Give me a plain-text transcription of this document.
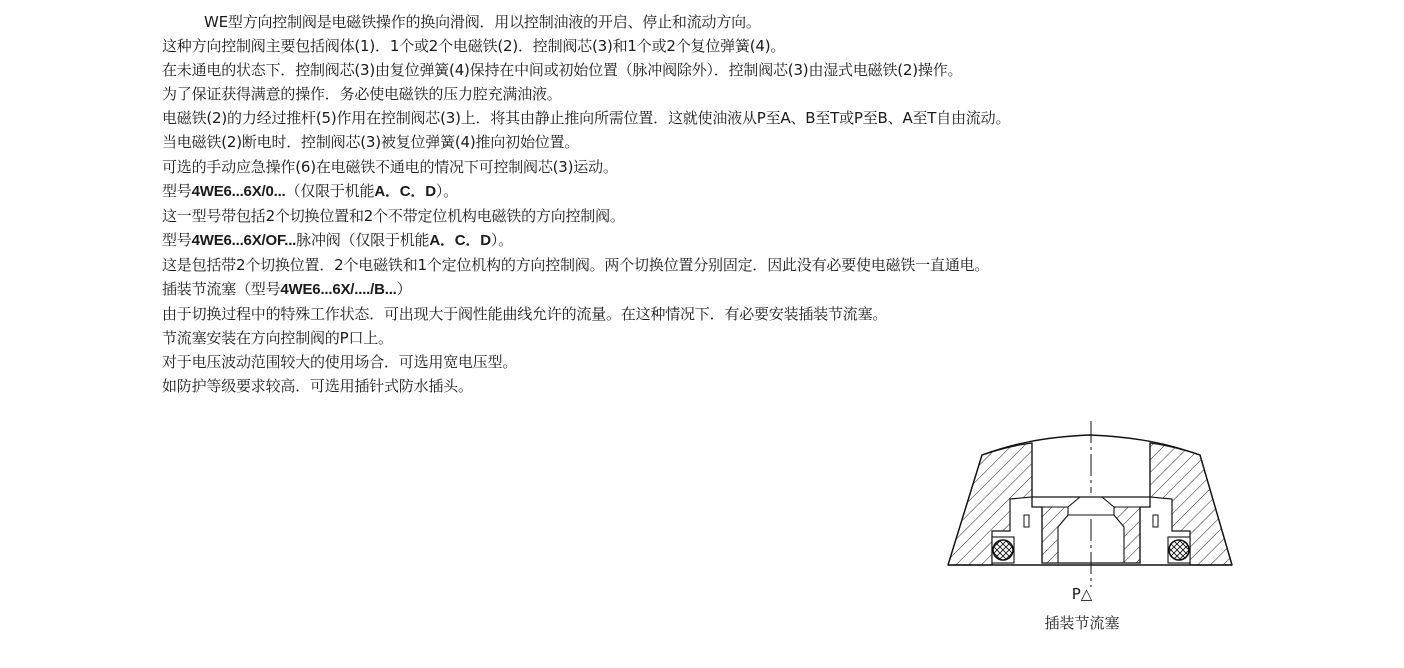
WE型方向控制阀是电磁铁操作的换向滑阀．用以控制油液的开启、停止和流动方向。
这种方向控制阀主要包括阀体(1)．1个或2个电磁铁(2)．控制阀芯(3)和1个或2个复位弹簧(4)。
在未通电的状态下．控制阀芯(3)由复位弹簧(4)保持在中间或初始位置（脉冲阀除外）．控制阀芯(3)由湿式电磁铁(2)操作。
为了保证获得满意的操作．务必使电磁铁的压力腔充满油液。
电磁铁(2)的力经过推杆(5)作用在控制阀芯(3)上．将其由静止推向所需位置．这就使油液从P至A、B至T或P至B、A至T自由流动。
当电磁铁(2)断电时．控制阀芯(3)被复位弹簧(4)推向初始位置。
可选的手动应急操作(6)在电磁铁不通电的情况下可控制阀芯(3)运动。
型号4WE6...6X/0...（仅限于机能A．C．D）。
这一型号带包括2个切换位置和2个不带定位机构电磁铁的方向控制阀。
型号4WE6...6X/OF...脉冲阀（仅限于机能A．C．D）。
这是包括带2个切换位置．2个电磁铁和1个定位机构的方向控制阀。两个切换位置分别固定．因此没有必要使电磁铁一直通电。
插装节流塞（型号4WE6...6X/..../B...）
由于切换过程中的特殊工作状态．可出现大于阀性能曲线允许的流量。在这种情况下．有必要安装插装节流塞。
节流塞安装在方向控制阀的P口上。
对于电压波动范围较大的使用场合．可选用宽电压型。
如防护等级要求较高．可选用插针式防水插头。
P△
插装节流塞
